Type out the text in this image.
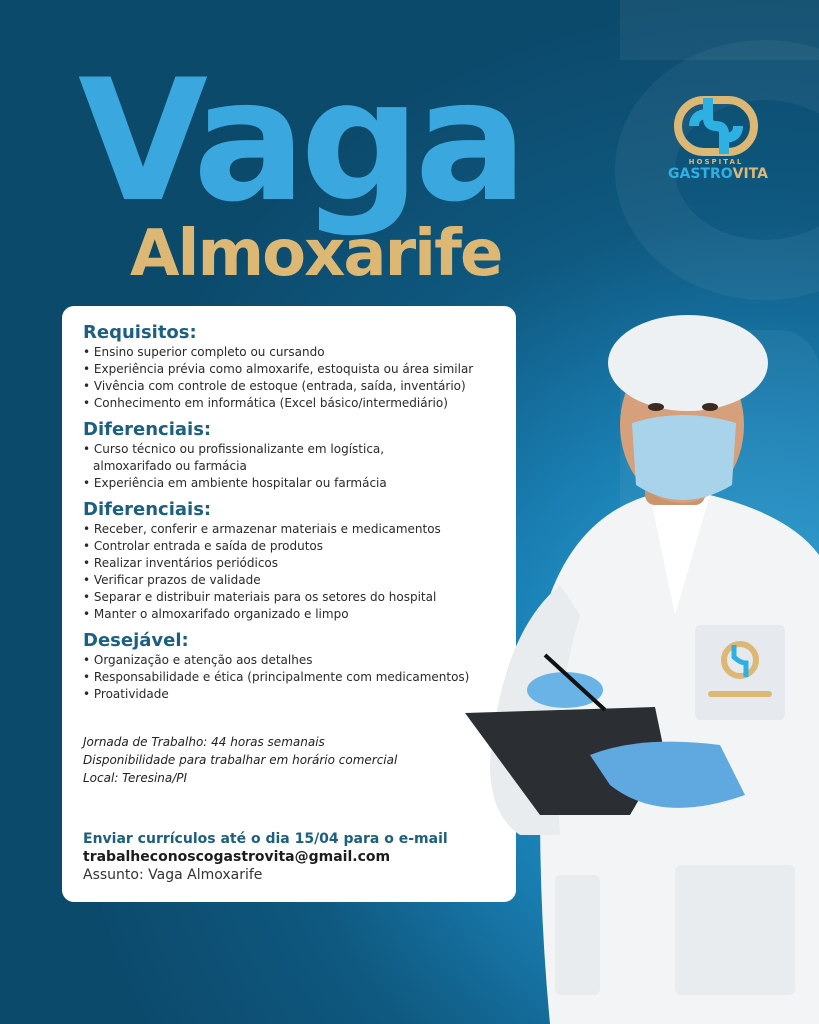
Vaga
Almoxarife
HOSPITAL
GASTROVITA
Requisitos:
• Ensino superior completo ou cursando
• Experiência prévia como almoxarife, estoquista ou área similar
• Vivência com controle de estoque (entrada, saída, inventário)
• Conhecimento em informática (Excel básico/intermediário)
Diferenciais:
• Curso técnico ou profissionalizante em logística,
almoxarifado ou farmácia
• Experiência em ambiente hospitalar ou farmácia
Diferenciais:
• Receber, conferir e armazenar materiais e medicamentos
• Controlar entrada e saída de produtos
• Realizar inventários periódicos
• Verificar prazos de validade
• Separar e distribuir materiais para os setores do hospital
• Manter o almoxarifado organizado e limpo
Desejável:
• Organização e atenção aos detalhes
• Responsabilidade e ética (principalmente com medicamentos)
• Proatividade
Jornada de Trabalho: 44 horas semanais
Disponibilidade para trabalhar em horário comercial
Local: Teresina/PI
Enviar currículos até o dia 15/04 para o e-mail
trabalheconoscogastrovita@gmail.com
Assunto: Vaga Almoxarife
